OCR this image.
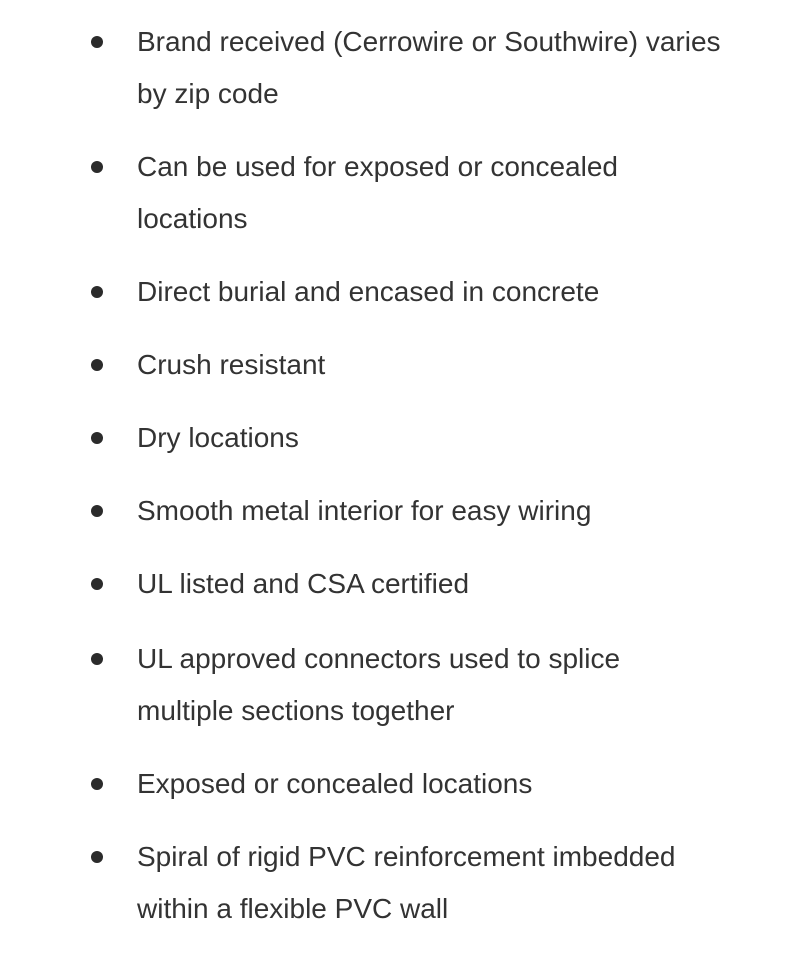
Brand received (Cerrowire or Southwire) varies by zip code
Can be used for exposed or concealed locations
Direct burial and encased in concrete
Crush resistant
Dry locations
Smooth metal interior for easy wiring
UL listed and CSA certified
UL approved connectors used to splice multiple sections together
Exposed or concealed locations
Spiral of rigid PVC reinforcement imbedded within a flexible PVC wall
